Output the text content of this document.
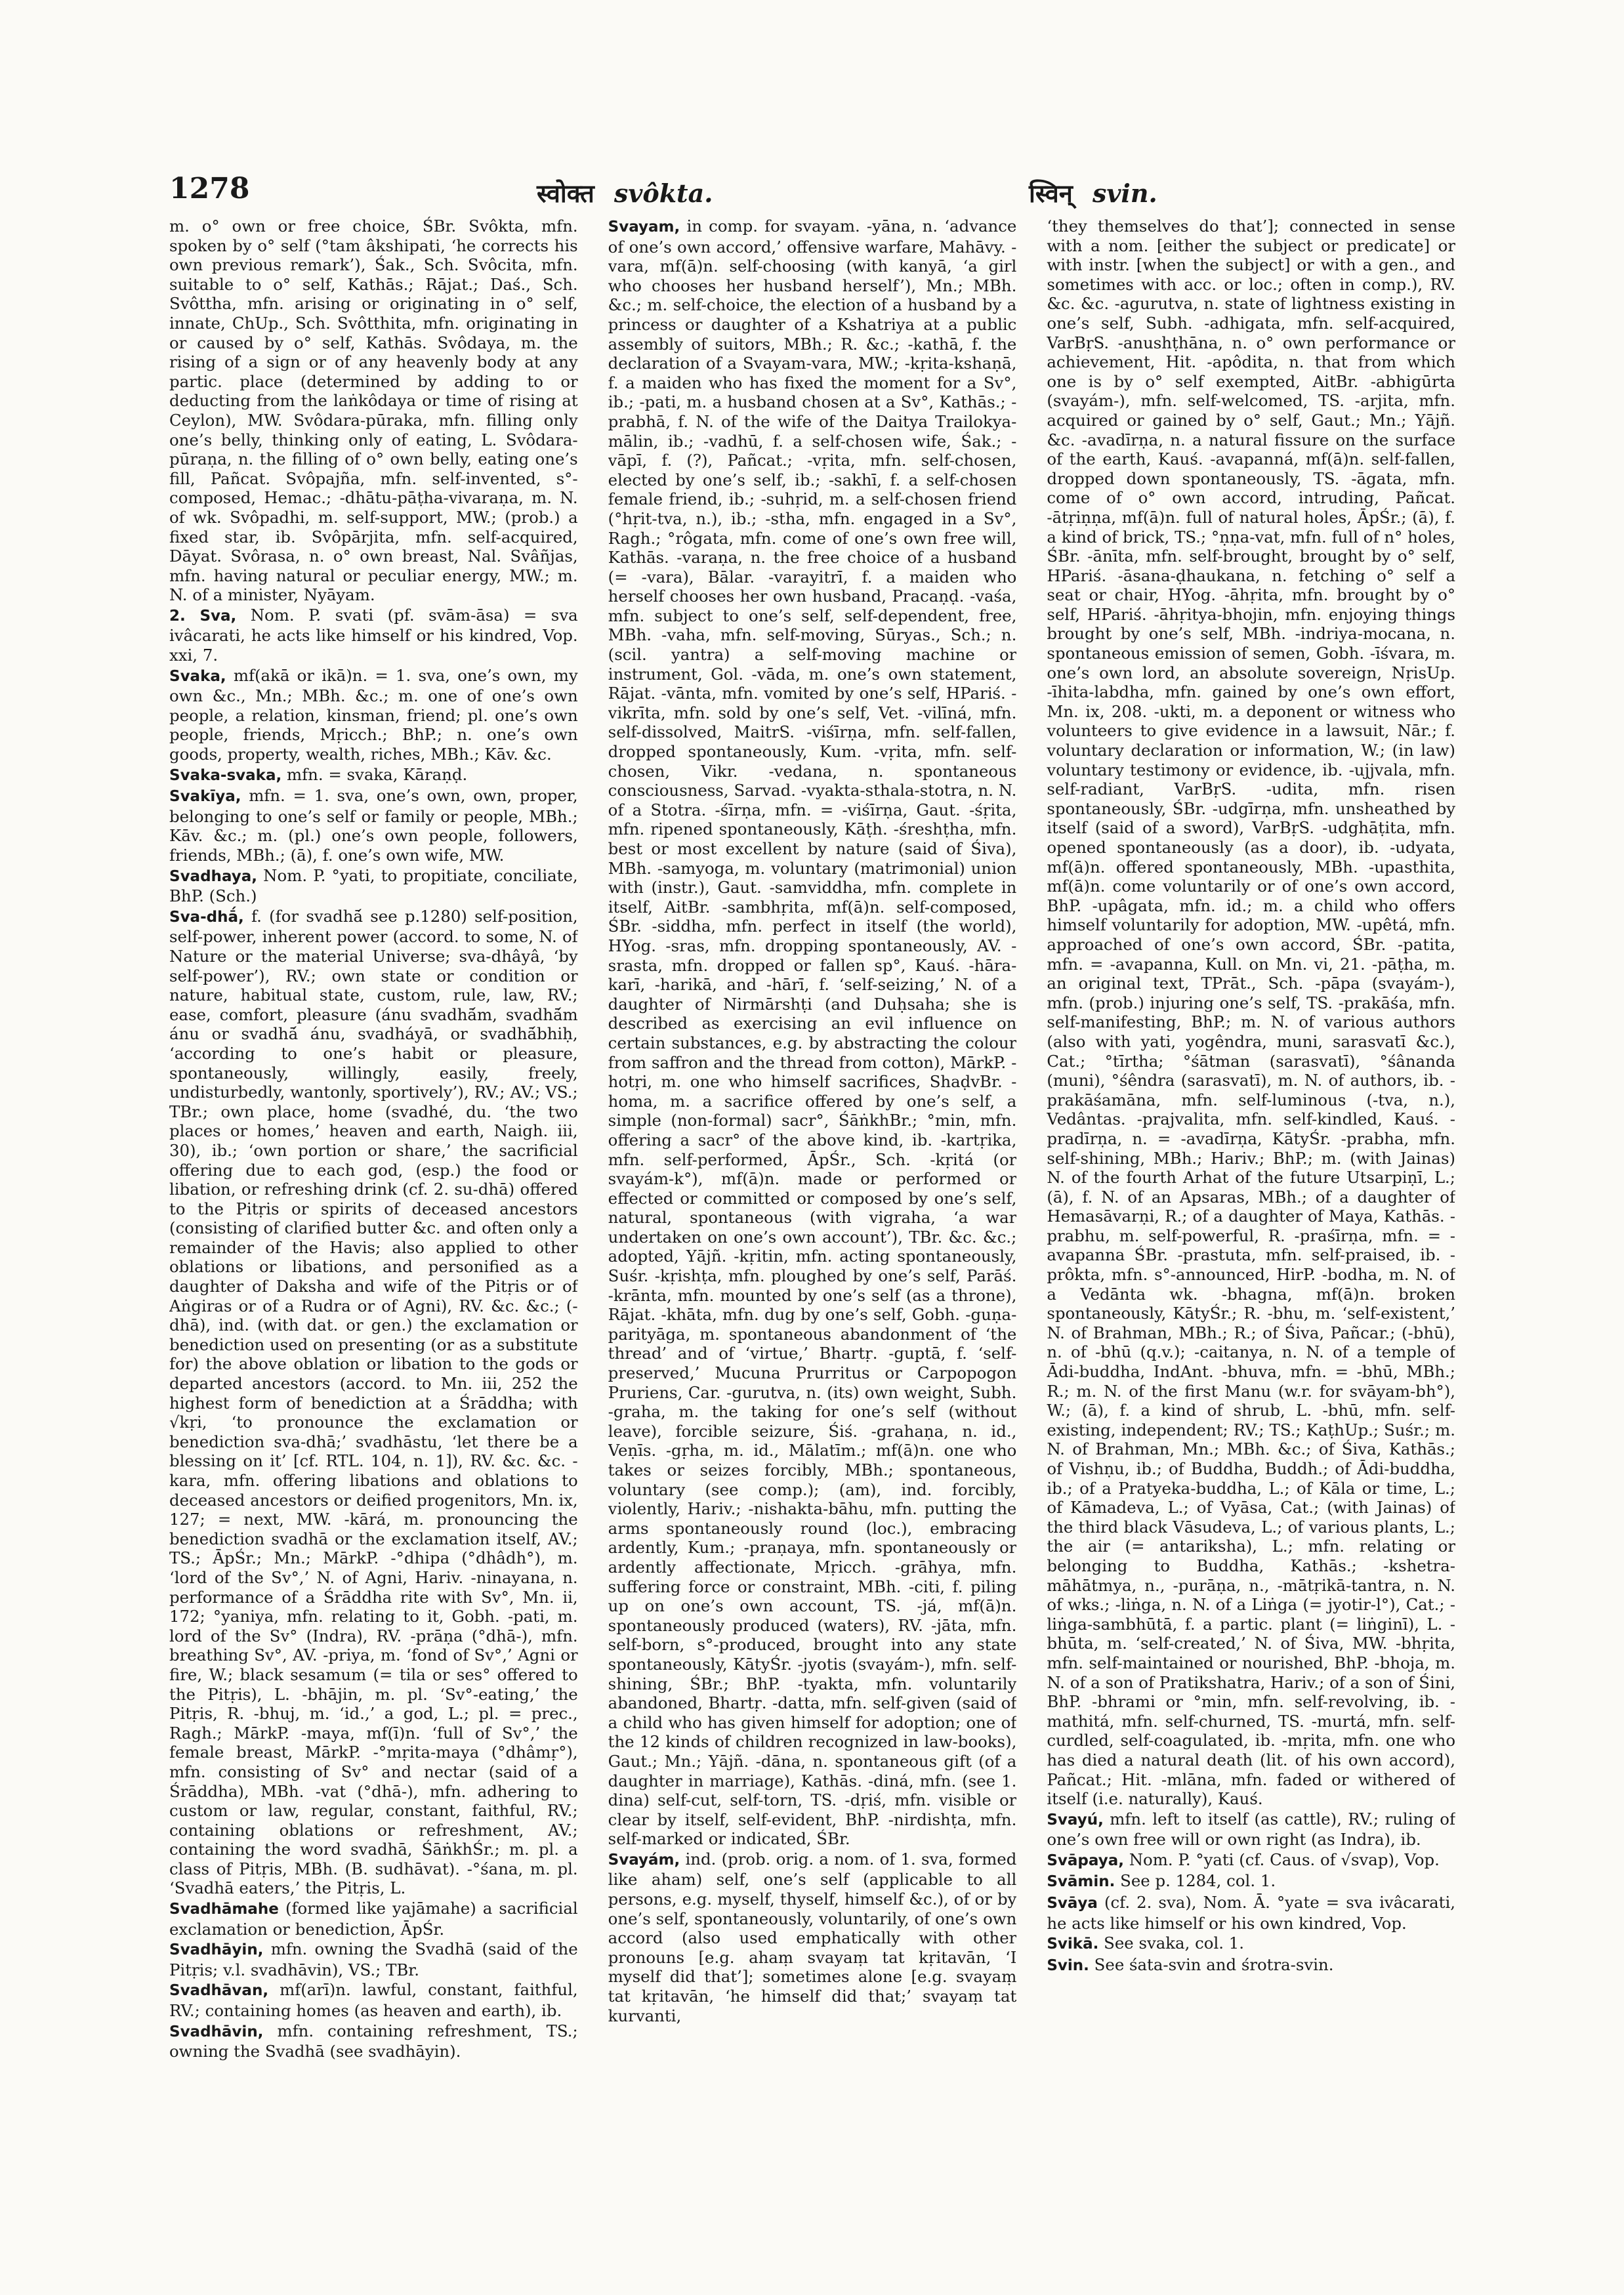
1278	स्वोक्त svôkta.	स्विन् svin.

m. o° own or free choice, ŚBr. Svôkta, mfn. spoken by o° self (°tam âkshipati, ‘he corrects his own previous remark’), Śak., Sch. Svôcita, mfn. suitable to o° self, Kathās.; Rājat.; Daś., Sch. Svôttha, mfn. arising or originating in o° self, innate, ChUp., Sch. Svôtthita, mfn. originating in or caused by o° self, Kathās. Svôdaya, m. the rising of a sign or of any heavenly body at any partic. place (determined by adding to or deducting from the laṅkôdaya or time of rising at Ceylon), MW. Svôdara-pūraka, mfn. filling only one’s belly, thinking only of eating, L. Svôdara-pūraṇa, n. the filling of o° own belly, eating one’s fill, Pañcat. Svôpajña, mfn. self-invented, s°-composed, Hemac.; -dhātu-pāṭha-vivaraṇa, m. N. of wk. Svôpadhi, m. self-support, MW.; (prob.) a fixed star, ib. Svôpārjita, mfn. self-acquired, Dāyat. Svôrasa, n. o° own breast, Nal. Svâñjas, mfn. having natural or peculiar energy, MW.; m. N. of a minister, Nyāyam.

2. Sva, Nom. P. svati (pf. svām-āsa) = sva ivâcarati, he acts like himself or his kindred, Vop. xxi, 7.

Svaka, mf(akā or ikā)n. = 1. sva, one’s own, my own &c., Mn.; MBh. &c.; m. one of one’s own people, a relation, kinsman, friend; pl. one’s own people, friends, Mṛicch.; BhP.; n. one’s own goods, property, wealth, riches, MBh.; Kāv. &c.

Svaka-svaka, mfn. = svaka, Kāraṇḍ.

Svakīya, mfn. = 1. sva, one’s own, own, proper, belonging to one’s self or family or people, MBh.; Kāv. &c.; m. (pl.) one’s own people, followers, friends, MBh.; (ā), f. one’s own wife, MW.

Svadhaya, Nom. P. °yati, to propitiate, conciliate, BhP. (Sch.)

Sva-dhā́, f. (for svadhā́ see p.1280) self-position, self-power, inherent power (accord. to some, N. of Nature or the material Universe; sva-dhâyâ, ‘by self-power’), RV.; own state or condition or nature, habitual state, custom, rule, law, RV.; ease, comfort, pleasure (ánu svadhā́m, svadhā́m ánu or svadhā́ ánu, svadháyā, or svadhā́bhiḥ, ‘according to one’s habit or pleasure, spontaneously, willingly, easily, freely, undisturbedly, wantonly, sportively’), RV.; AV.; VS.; TBr.; own place, home (svadhé, du. ‘the two places or homes,’ heaven and earth, Naigh. iii, 30), ib.; ‘own portion or share,’ the sacrificial offering due to each god, (esp.) the food or libation, or refreshing drink (cf. 2. su-dhā) offered to the Pitṛis or spirits of deceased ancestors (consisting of clarified butter &c. and often only a remainder of the Havis; also applied to other oblations or libations, and personified as a daughter of Daksha and wife of the Pitṛis or of Aṅgiras or of a Rudra or of Agni), RV. &c. &c.; (-dhā), ind. (with dat. or gen.) the exclamation or benediction used on presenting (or as a substitute for) the above oblation or libation to the gods or departed ancestors (accord. to Mn. iii, 252 the highest form of benediction at a Śrāddha; with √kṛi, ‘to pronounce the exclamation or benediction sva-dhā;’ svadhāstu, ‘let there be a blessing on it’ [cf. RTL. 104, n. 1]), RV. &c. &c. -kara, mfn. offering libations and oblations to deceased ancestors or deified progenitors, Mn. ix, 127; = next, MW. -kārá, m. pronouncing the benediction svadhā or the exclamation itself, AV.; TS.; ĀpŚr.; Mn.; MārkP. -°dhipa (°dhâdh°), m. ‘lord of the Sv°,’ N. of Agni, Hariv. -ninayana, n. performance of a Śrāddha rite with Sv°, Mn. ii, 172; °yaniya, mfn. relating to it, Gobh. -pati, m. lord of the Sv° (Indra), RV. -prāṇa (°dhā-), mfn. breathing Sv°, AV. -priya, m. ‘fond of Sv°,’ Agni or fire, W.; black sesamum (= tila or ses° offered to the Pitṛis), L. -bhājin, m. pl. ‘Sv°-eating,’ the Pitṛis, R. -bhuj, m. ‘id.,’ a god, L.; pl. = prec., Ragh.; MārkP. -maya, mf(ī)n. ‘full of Sv°,’ the female breast, MārkP. -°mṛita-maya (°dhâmṛ°), mfn. consisting of Sv° and nectar (said of a Śrāddha), MBh. -vat (°dhā-), mfn. adhering to custom or law, regular, constant, faithful, RV.; containing oblations or refreshment, AV.; containing the word svadhā, ŚāṅkhŚr.; m. pl. a class of Pitṛis, MBh. (B. sudhāvat). -°śana, m. pl. ‘Svadhā eaters,’ the Pitṛis, L.

Svadhāmahe (formed like yajāmahe) a sacrificial exclamation or benediction, ĀpŚr.

Svadhāyin, mfn. owning the Svadhā (said of the Pitṛis; v.l. svadhāvin), VS.; TBr.

Svadhāvan, mf(arī)n. lawful, constant, faithful, RV.; containing homes (as heaven and earth), ib.

Svadhāvin, mfn. containing refreshment, TS.; owning the Svadhā (see svadhāyin).

Svayam, in comp. for svayam. -yāna, n. ‘advance of one’s own accord,’ offensive warfare, Mahāvy. -vara, mf(ā)n. self-choosing (with kanyā, ‘a girl who chooses her husband herself’), Mn.; MBh. &c.; m. self-choice, the election of a husband by a princess or daughter of a Kshatriya at a public assembly of suitors, MBh.; R. &c.; -kathā, f. the declaration of a Svayam-vara, MW.; -kṛita-kshaṇā, f. a maiden who has fixed the moment for a Sv°, ib.; -pati, m. a husband chosen at a Sv°, Kathās.; -prabhā, f. N. of the wife of the Daitya Trailokya-mālin, ib.; -vadhū, f. a self-chosen wife, Śak.; -vāpī, f. (?), Pañcat.; -vṛita, mfn. self-chosen, elected by one’s self, ib.; -sakhī, f. a self-chosen female friend, ib.; -suhṛid, m. a self-chosen friend (°hṛit-tva, n.), ib.; -stha, mfn. engaged in a Sv°, Ragh.; °rôgata, mfn. come of one’s own free will, Kathās. -varaṇa, n. the free choice of a husband (= -vara), Bālar. -varayitrī, f. a maiden who herself chooses her own husband, Pracaṇḍ. -vaśa, mfn. subject to one’s self, self-dependent, free, MBh. -vaha, mfn. self-moving, Sūryas., Sch.; n. (scil. yantra) a self-moving machine or instrument, Gol. -vāda, m. one’s own statement, Rājat. -vānta, mfn. vomited by one’s self, HPariś. -vikrīta, mfn. sold by one’s self, Vet. -vilīná, mfn. self-dissolved, MaitrS. -viśīrṇa, mfn. self-fallen, dropped spontaneously, Kum. -vṛita, mfn. self-chosen, Vikr. -vedana, n. spontaneous consciousness, Sarvad. -vyakta-sthala-stotra, n. N. of a Stotra. -śīrṇa, mfn. = -viśīrṇa, Gaut. -śṛita, mfn. ripened spontaneously, Kāṭh. -śreshṭha, mfn. best or most excellent by nature (said of Śiva), MBh. -samyoga, m. voluntary (matrimonial) union with (instr.), Gaut. -samviddha, mfn. complete in itself, AitBr. -sambhṛita, mf(ā)n. self-composed, ŚBr. -siddha, mfn. perfect in itself (the world), HYog. -sras, mfn. dropping spontaneously, AV. -srasta, mfn. dropped or fallen sp°, Kauś. -hāra-karī, -harikā, and -hārī, f. ‘self-seizing,’ N. of a daughter of Nirmārshṭi (and Duḥsaha; she is described as exercising an evil influence on certain substances, e.g. by abstracting the colour from saffron and the thread from cotton), MārkP. -hotṛi, m. one who himself sacrifices, ShaḍvBr. -homa, m. a sacrifice offered by one’s self, a simple (non-formal) sacr°, ŚāṅkhBr.; °min, mfn. offering a sacr° of the above kind, ib. -kartṛika, mfn. self-performed, ĀpŚr., Sch. -kṛitá (or svayám-k°), mf(ā)n. made or performed or effected or committed or composed by one’s self, natural, spontaneous (with vigraha, ‘a war undertaken on one’s own account’), TBr. &c. &c.; adopted, Yājñ. -kṛitin, mfn. acting spontaneously, Suśr. -kṛishṭa, mfn. ploughed by one’s self, Parāś. -krānta, mfn. mounted by one’s self (as a throne), Rājat. -khāta, mfn. dug by one’s self, Gobh. -guṇa-parityāga, m. spontaneous abandonment of ‘the thread’ and of ‘virtue,’ Bhartṛ. -guptā, f. ‘self-preserved,’ Mucuna Prurritus or Carpopogon Pruriens, Car. -gurutva, n. (its) own weight, Subh. -graha, m. the taking for one’s self (without leave), forcible seizure, Śiś. -grahaṇa, n. id., Veṇīs. -gṛha, m. id., Mālatīm.; mf(ā)n. one who takes or seizes forcibly, MBh.; spontaneous, voluntary (see comp.); (am), ind. forcibly, violently, Hariv.; -nishakta-bāhu, mfn. putting the arms spontaneously round (loc.), embracing ardently, Kum.; -praṇaya, mfn. spontaneously or ardently affectionate, Mṛicch. -grāhya, mfn. suffering force or constraint, MBh. -citi, f. piling up on one’s own account, TS. -já, mf(ā)n. spontaneously produced (waters), RV. -jāta, mfn. self-born, s°-produced, brought into any state spontaneously, KātyŚr. -jyotis (svayám-), mfn. self-shining, ŚBr.; BhP. -tyakta, mfn. voluntarily abandoned, Bhartṛ. -datta, mfn. self-given (said of a child who has given himself for adoption; one of the 12 kinds of children recognized in law-books), Gaut.; Mn.; Yājñ. -dāna, n. spontaneous gift (of a daughter in marriage), Kathās. -diná, mfn. (see 1. dina) self-cut, self-torn, TS. -dṛiś, mfn. visible or clear by itself, self-evident, BhP. -nirdishṭa, mfn. self-marked or indicated, ŚBr.

Svayám, ind. (prob. orig. a nom. of 1. sva, formed like aham) self, one’s self (applicable to all persons, e.g. myself, thyself, himself &c.), of or by one’s self, spontaneously, voluntarily, of one’s own accord (also used emphatically with other pronouns [e.g. ahaṃ svayaṃ tat kṛitavān, ‘I myself did that’]; sometimes alone [e.g. svayaṃ tat kṛitavān, ‘he himself did that;’ svayaṃ tat kurvanti,

‘they themselves do that’]; connected in sense with a nom. [either the subject or predicate] or with instr. [when the subject] or with a gen., and sometimes with acc. or loc.; often in comp.), RV. &c. &c. -agurutva, n. state of lightness existing in one’s self, Subh. -adhigata, mfn. self-acquired, VarBṛS. -anushṭhāna, n. o° own performance or achievement, Hit. -apôdita, n. that from which one is by o° self exempted, AitBr. -abhigūrta (svayám-), mfn. self-welcomed, TS. -arjita, mfn. acquired or gained by o° self, Gaut.; Mn.; Yājñ. &c. -avadīrṇa, n. a natural fissure on the surface of the earth, Kauś. -avapanná, mf(ā)n. self-fallen, dropped down spontaneously, TS. -āgata, mfn. come of o° own accord, intruding, Pañcat. -ātṛiṇṇa, mf(ā)n. full of natural holes, ĀpŚr.; (ā), f. a kind of brick, TS.; °ṇṇa-vat, mfn. full of n° holes, ŚBr. -ānīta, mfn. self-brought, brought by o° self, HPariś. -āsana-ḍhaukana, n. fetching o° self a seat or chair, HYog. -āhṛita, mfn. brought by o° self, HPariś. -āhṛitya-bhojin, mfn. enjoying things brought by one’s self, MBh. -indriya-mocana, n. spontaneous emission of semen, Gobh. -īśvara, m. one’s own lord, an absolute sovereign, NṛisUp. -īhita-labdha, mfn. gained by one’s own effort, Mn. ix, 208. -ukti, m. a deponent or witness who volunteers to give evidence in a lawsuit, Nār.; f. voluntary declaration or information, W.; (in law) voluntary testimony or evidence, ib. -ujjvala, mfn. self-radiant, VarBṛS. -udita, mfn. risen spontaneously, ŚBr. -udgīrṇa, mfn. unsheathed by itself (said of a sword), VarBṛS. -udghāṭita, mfn. opened spontaneously (as a door), ib. -udyata, mf(ā)n. offered spontaneously, MBh. -upasthita, mf(ā)n. come voluntarily or of one’s own accord, BhP. -upâgata, mfn. id.; m. a child who offers himself voluntarily for adoption, MW. -upêtá, mfn. approached of one’s own accord, ŚBr. -patita, mfn. = -avapanna, Kull. on Mn. vi, 21. -pāṭha, m. an original text, TPrāt., Sch. -pāpa (svayám-), mfn. (prob.) injuring one’s self, TS. -prakāśa, mfn. self-manifesting, BhP.; m. N. of various authors (also with yati, yogêndra, muni, sarasvatī &c.), Cat.; °tīrtha; °śātman (sarasvatī), °śânanda (muni), °śêndra (sarasvatī), m. N. of authors, ib. -prakāśamāna, mfn. self-luminous (-tva, n.), Vedântas. -prajvalita, mfn. self-kindled, Kauś. -pradīrṇa, n. = -avadīrṇa, KātyŚr. -prabha, mfn. self-shining, MBh.; Hariv.; BhP.; m. (with Jainas) N. of the fourth Arhat of the future Utsarpiṇī, L.; (ā), f. N. of an Apsaras, MBh.; of a daughter of Hemasāvarṇi, R.; of a daughter of Maya, Kathās. -prabhu, m. self-powerful, R. -praśīrṇa, mfn. = -avapanna ŚBr. -prastuta, mfn. self-praised, ib. -prôkta, mfn. s°-announced, HirP. -bodha, m. N. of a Vedānta wk. -bhagna, mf(ā)n. broken spontaneously, KātyŚr.; R. -bhu, m. ‘self-existent,’ N. of Brahman, MBh.; R.; of Śiva, Pañcar.; (-bhū), n. of -bhū (q.v.); -caitanya, n. N. of a temple of Ādi-buddha, IndAnt. -bhuva, mfn. = -bhū, MBh.; R.; m. N. of the first Manu (w.r. for svāyam-bh°), W.; (ā), f. a kind of shrub, L. -bhū, mfn. self-existing, independent; RV.; TS.; KaṭhUp.; Suśr.; m. N. of Brahman, Mn.; MBh. &c.; of Śiva, Kathās.; of Vishṇu, ib.; of Buddha, Buddh.; of Ādi-buddha, ib.; of a Pratyeka-buddha, L.; of Kāla or time, L.; of Kāmadeva, L.; of Vyāsa, Cat.; (with Jainas) of the third black Vāsudeva, L.; of various plants, L.; the air (= antariksha), L.; mfn. relating or belonging to Buddha, Kathās.; -kshetra-māhātmya, n., -purāṇa, n., -mātṛikā-tantra, n. N. of wks.; -liṅga, n. N. of a Liṅga (= jyotir-l°), Cat.; -liṅga-sambhūtā, f. a partic. plant (= liṅginī), L. -bhūta, m. ‘self-created,’ N. of Śiva, MW. -bhṛita, mfn. self-maintained or nourished, BhP. -bhoja, m. N. of a son of Pratikshatra, Hariv.; of a son of Śini, BhP. -bhrami or °min, mfn. self-revolving, ib. -mathitá, mfn. self-churned, TS. -murtá, mfn. self-curdled, self-coagulated, ib. -mṛita, mfn. one who has died a natural death (lit. of his own accord), Pañcat.; Hit. -mlāna, mfn. faded or withered of itself (i.e. naturally), Kauś.

Svayú, mfn. left to itself (as cattle), RV.; ruling of one’s own free will or own right (as Indra), ib.

Svāpaya, Nom. P. °yati (cf. Caus. of √svap), Vop.

Svāmin. See p. 1284, col. 1.

Svāya (cf. 2. sva), Nom. Ā. °yate = sva ivâcarati, he acts like himself or his own kindred, Vop.

Svikā. See svaka, col. 1.

Svin. See śata-svin and śrotra-svin.
